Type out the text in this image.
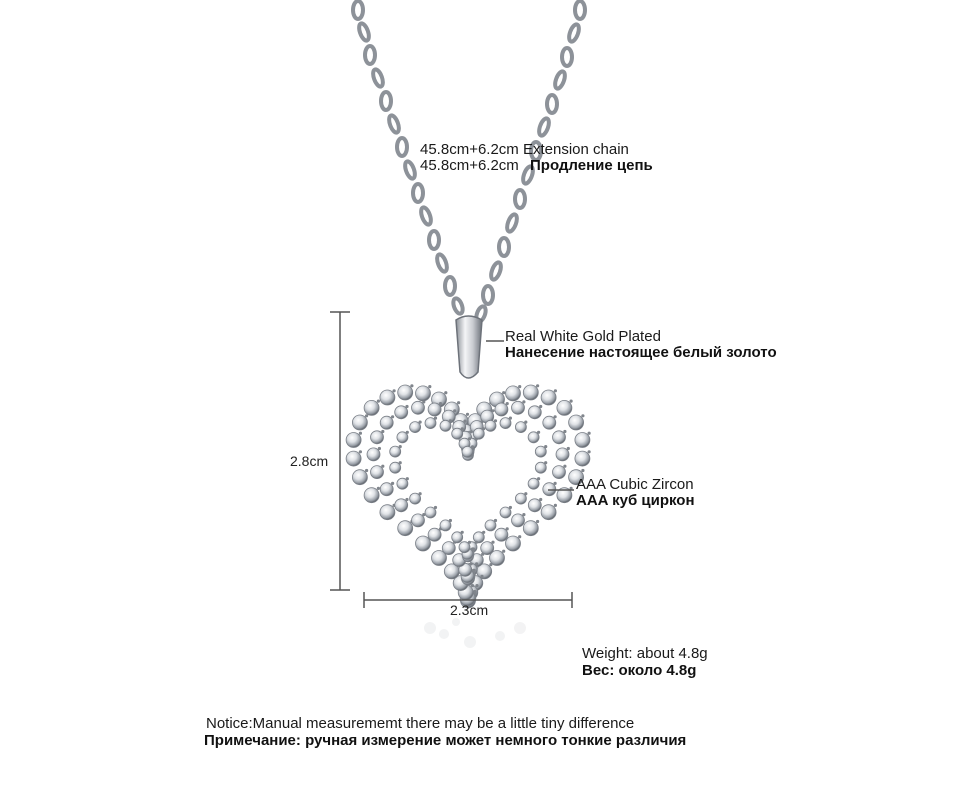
45.8cm+6.2cm Extension chain
45.8cm+6.2cm Продление цепь
Real White Gold Plated
Нанесение настоящее белый золото
AAA Cubic Zircon
AAA куб циркон
2.8cm
2.3cm
Weight: about 4.8g
Вес: около 4.8g
Notice:Manual measurememt there may be a little tiny difference
Примечание: ручная измерение может немного тонкие различия
